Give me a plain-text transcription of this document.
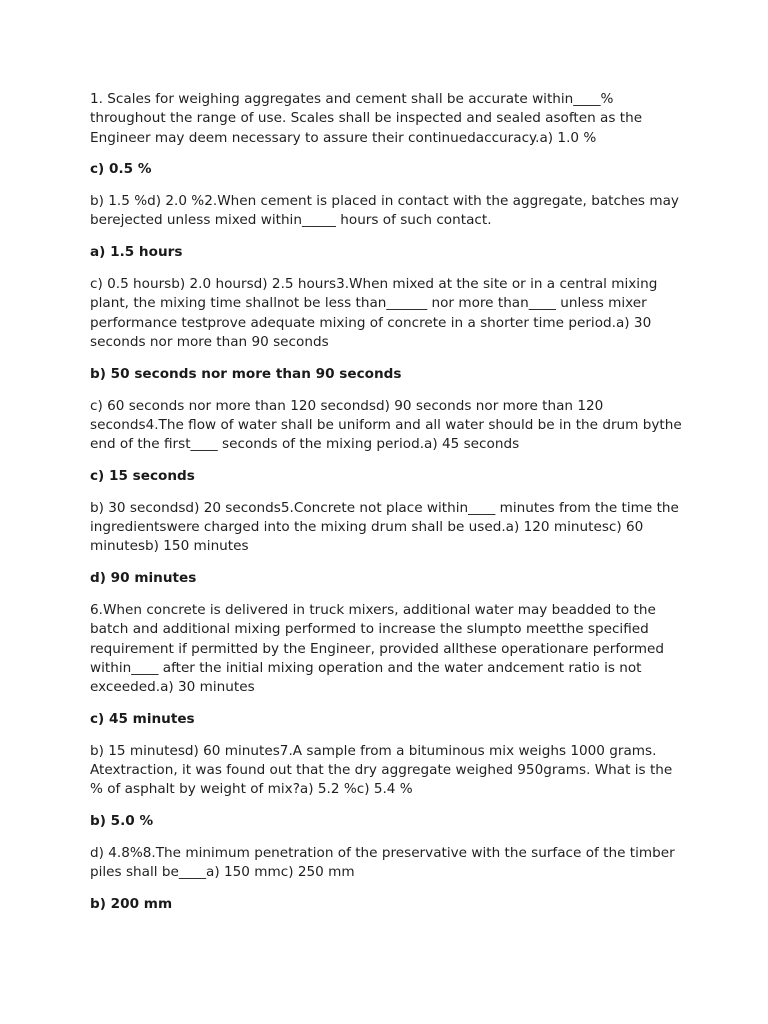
1. Scales for weighing aggregates and cement shall be accurate within____% throughout the range of use. Scales shall be inspected and sealed asoften as the Engineer may deem necessary to assure their continuedaccuracy.a) 1.0 %

c) 0.5 %

b) 1.5 %d) 2.0 %2.When cement is placed in contact with the aggregate, batches may berejected unless mixed within_____ hours of such contact.

a) 1.5 hours

c) 0.5 hoursb) 2.0 hoursd) 2.5 hours3.When mixed at the site or in a central mixing plant, the mixing time shallnot be less than______ nor more than____ unless mixer performance testprove adequate mixing of concrete in a shorter time period.a) 30 seconds nor more than 90 seconds

b) 50 seconds nor more than 90 seconds

c) 60 seconds nor more than 120 secondsd) 90 seconds nor more than 120 seconds4.The flow of water shall be uniform and all water should be in the drum bythe end of the first____ seconds of the mixing period.a) 45 seconds

c) 15 seconds

b) 30 secondsd) 20 seconds5.Concrete not place within____ minutes from the time the ingredientswere charged into the mixing drum shall be used.a) 120 minutesc) 60 minutesb) 150 minutes

d) 90 minutes

6.When concrete is delivered in truck mixers, additional water may beadded to the batch and additional mixing performed to increase the slumpto meetthe specified requirement if permitted by the Engineer, provided allthese operationare performed within____ after the initial mixing operation and the water andcement ratio is not exceeded.a) 30 minutes

c) 45 minutes

b) 15 minutesd) 60 minutes7.A sample from a bituminous mix weighs 1000 grams. Atextraction, it was found out that the dry aggregate weighed 950grams. What is the % of asphalt by weight of mix?a) 5.2 %c) 5.4 %

b) 5.0 %

d) 4.8%8.The minimum penetration of the preservative with the surface of the timber piles shall be____a) 150 mmc) 250 mm

b) 200 mm
